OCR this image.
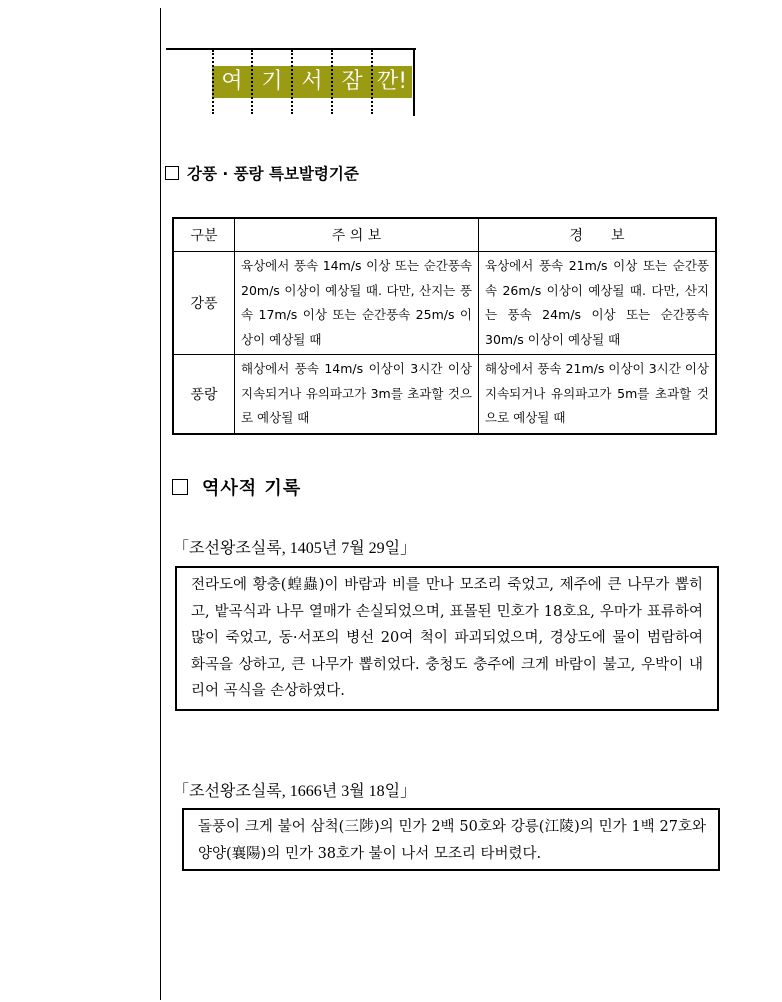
여 기 서 잠 깐!
강풍 · 풍랑 특보발령기준
구분	주 의 보	경　　보
강풍	육상에서 풍속 14m/s 이상 또는 순간풍속 20m/s 이상이 예상될 때. 다만, 산지는 풍속 17m/s 이상 또는 순간풍속 25m/s 이상이 예상될 때	육상에서 풍속 21m/s 이상 또는 순간풍속 26m/s 이상이 예상될 때. 다만, 산지는 풍속 24m/s 이상 또는 순간풍속 30m/s 이상이 예상될 때
풍랑	해상에서 풍속 14m/s 이상이 3시간 이상 지속되거나 유의파고가 3m를 초과할 것으로 예상될 때	해상에서 풍속 21m/s 이상이 3시간 이상 지속되거나 유의파고가 5m를 초과할 것으로 예상될 때
역사적 기록
「조선왕조실록, 1405년 7월 29일」
전라도에 황충(蝗蟲)이 바람과 비를 만나 모조리 죽었고, 제주에 큰 나무가 뽑히고, 밭곡식과 나무 열매가 손실되었으며, 표몰된 민호가 18호요, 우마가 표류하여 많이 죽었고, 동·서포의 병선 20여 척이 파괴되었으며, 경상도에 물이 범람하여 화곡을 상하고, 큰 나무가 뽑히었다. 충청도 충주에 크게 바람이 불고, 우박이 내리어 곡식을 손상하였다.
「조선왕조실록, 1666년 3월 18일」
돌풍이 크게 불어 삼척(三陟)의 민가 2백 50호와 강릉(江陵)의 민가 1백 27호와 양양(襄陽)의 민가 38호가 불이 나서 모조리 타버렸다.
